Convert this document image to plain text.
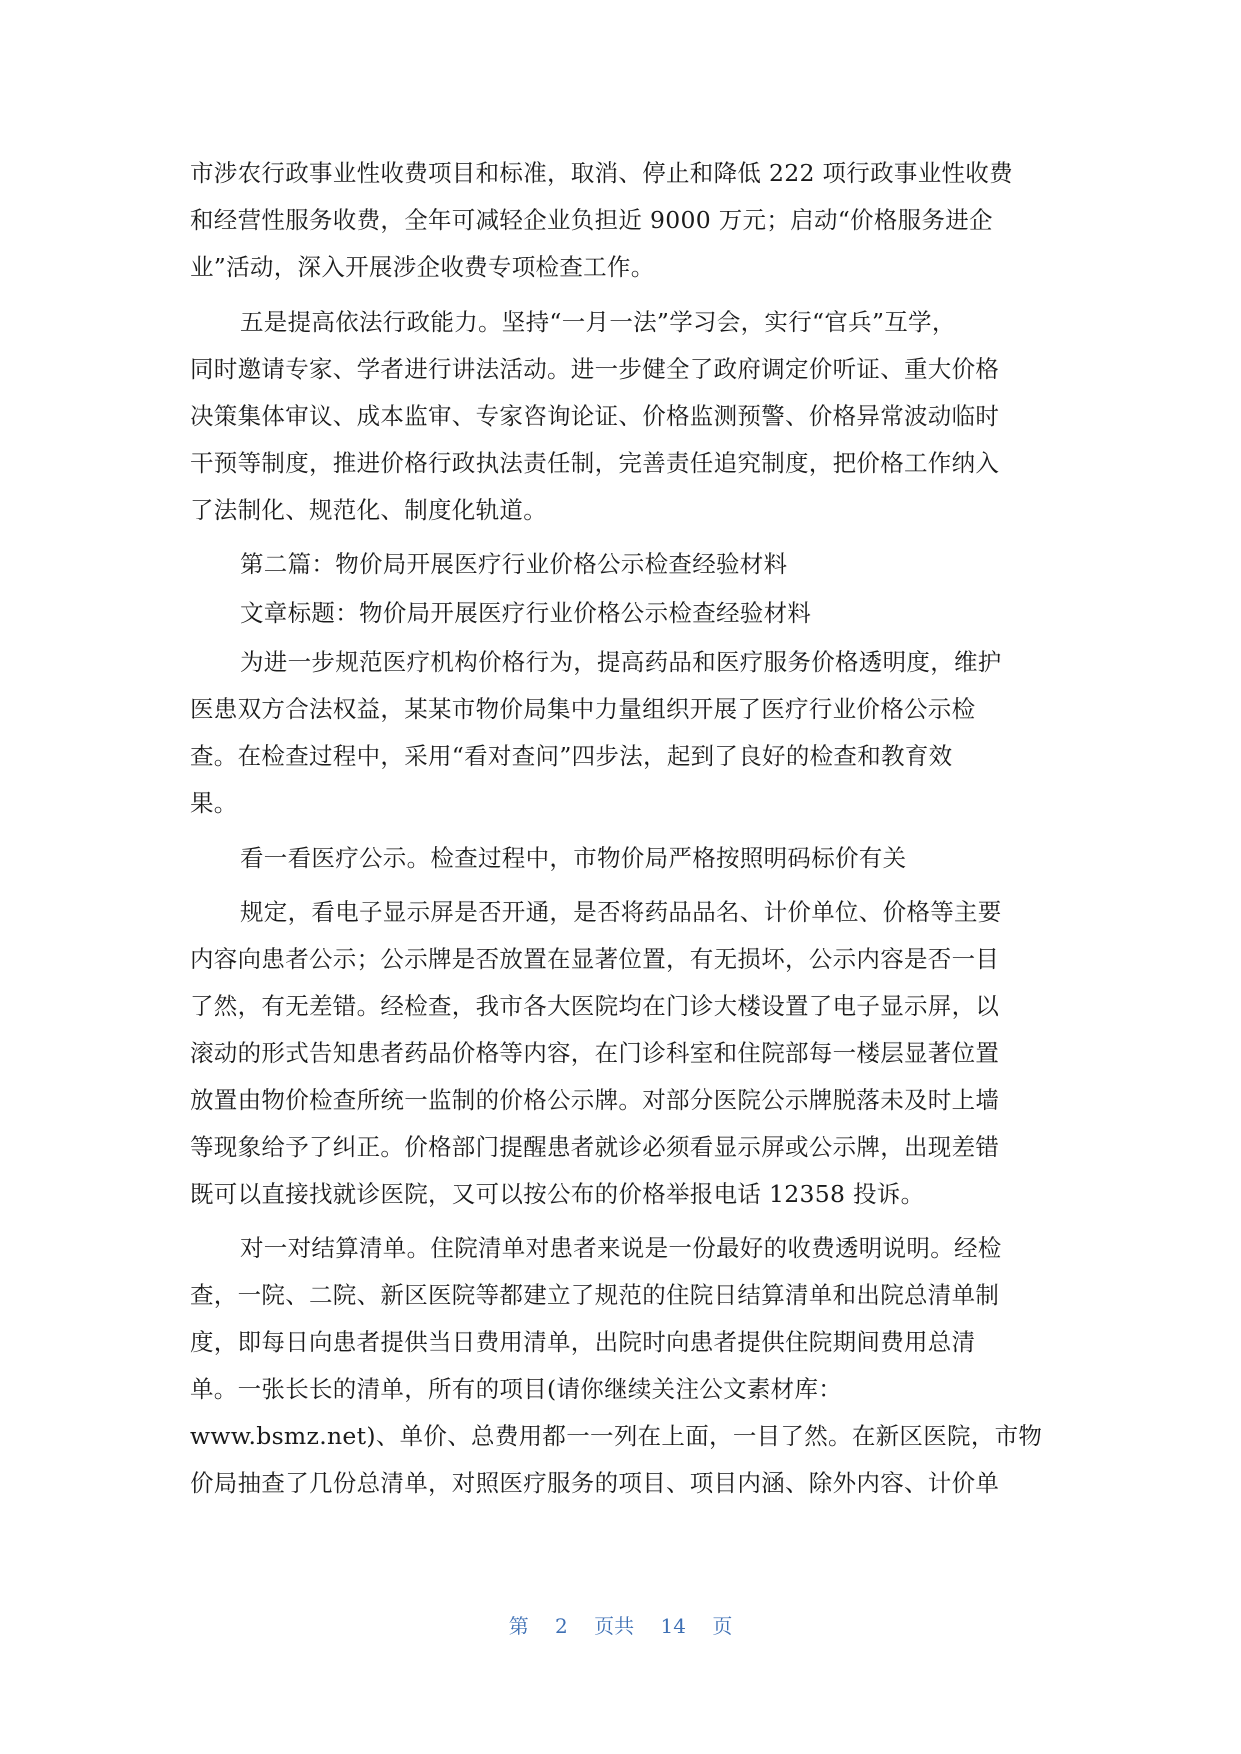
市涉农行政事业性收费项目和标准，取消、停止和降低 222 项行政事业性收费
和经营性服务收费，全年可减轻企业负担近 9000 万元；启动“价格服务进企
业”活动，深入开展涉企收费专项检查工作。
五是提高依法行政能力。坚持“一月一法”学习会，实行“官兵”互学，
同时邀请专家、学者进行讲法活动。进一步健全了政府调定价听证、重大价格
决策集体审议、成本监审、专家咨询论证、价格监测预警、价格异常波动临时
干预等制度，推进价格行政执法责任制，完善责任追究制度，把价格工作纳入
了法制化、规范化、制度化轨道。
第二篇：物价局开展医疗行业价格公示检查经验材料
文章标题：物价局开展医疗行业价格公示检查经验材料
为进一步规范医疗机构价格行为，提高药品和医疗服务价格透明度，维护
医患双方合法权益，某某市物价局集中力量组织开展了医疗行业价格公示检
查。在检查过程中，采用“看对查问”四步法，起到了良好的检查和教育效
果。
看一看医疗公示。检查过程中，市物价局严格按照明码标价有关
规定，看电子显示屏是否开通，是否将药品品名、计价单位、价格等主要
内容向患者公示；公示牌是否放置在显著位置，有无损坏，公示内容是否一目
了然，有无差错。经检查，我市各大医院均在门诊大楼设置了电子显示屏，以
滚动的形式告知患者药品价格等内容，在门诊科室和住院部每一楼层显著位置
放置由物价检查所统一监制的价格公示牌。对部分医院公示牌脱落未及时上墙
等现象给予了纠正。价格部门提醒患者就诊必须看显示屏或公示牌，出现差错
既可以直接找就诊医院，又可以按公布的价格举报电话 12358 投诉。
对一对结算清单。住院清单对患者来说是一份最好的收费透明说明。经检
查，一院、二院、新区医院等都建立了规范的住院日结算清单和出院总清单制
度，即每日向患者提供当日费用清单，出院时向患者提供住院期间费用总清
单。一张长长的清单，所有的项目(请你继续关注公文素材库：
www.bsmz.net)、单价、总费用都一一列在上面，一目了然。在新区医院，市物
价局抽查了几份总清单，对照医疗服务的项目、项目内涵、除外内容、计价单
第 2 页共 14 页
